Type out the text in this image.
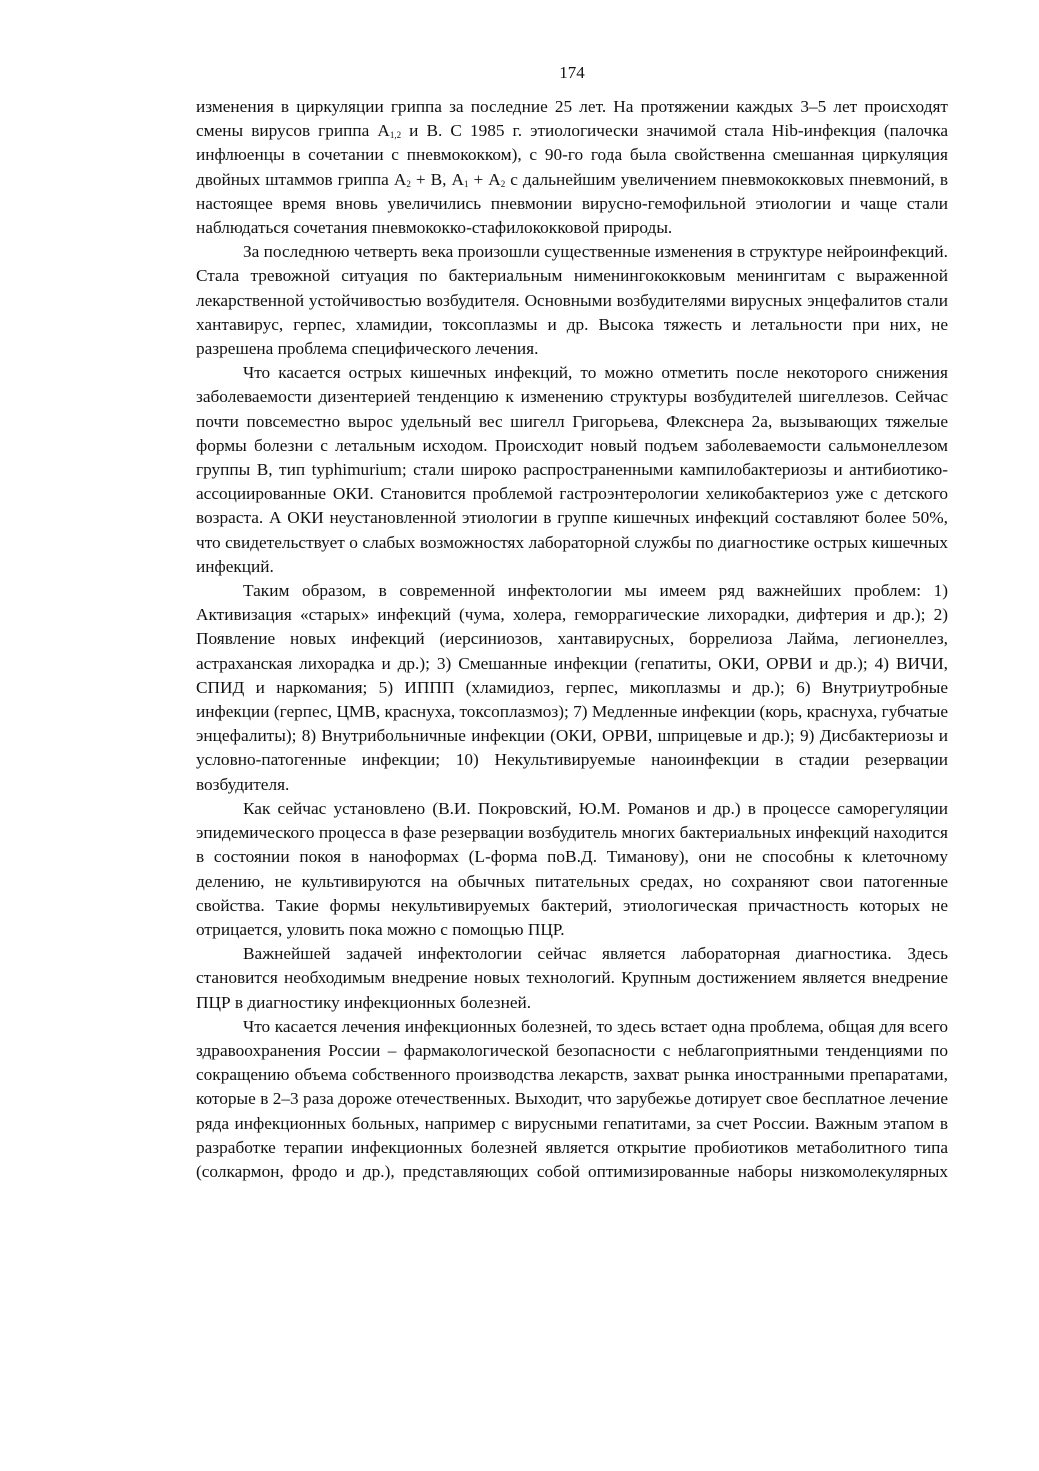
174

изменения в циркуляции гриппа за последние 25 лет. На протяжении каждых 3–5 лет происходят смены вирусов гриппа $А_{1,2}$ и В. С 1985 г. этиологически значимой стала Hib-инфекция (палочка инфлюенцы в сочетании с пневмококком), с 90-го года была свойственна смешанная циркуляция двойных штаммов гриппа $А_2 + В$, $А_1 + А_2$ с дальнейшим увеличением пневмококковых пневмоний, в настоящее время вновь увеличились пневмонии вирусно-гемофильной этиологии и чаще стали наблюдаться сочетания пневмококко-стафилококковой природы.

За последнюю четверть века произошли существенные изменения в структуре нейроинфекций. Стала тревожной ситуация по бактериальным нименингококковым менингитам с выраженной лекарственной устойчивостью возбудителя. Основными возбудителями вирусных энцефалитов стали хантавирус, герпес, хламидии, токсоплазмы и др. Высока тяжесть и летальности при них, не разрешена проблема специфического лечения.

Что касается острых кишечных инфекций, то можно отметить после некоторого снижения заболеваемости дизентерией тенденцию к изменению структуры возбудителей шигеллезов. Сейчас почти повсеместно вырос удельный вес шигелл Григорьева, Флекснера 2а, вызывающих тяжелые формы болезни с летальным исходом. Происходит новый подъем заболеваемости сальмонеллезом группы В, тип typhimurium; стали широко распространенными кампилобактериозы и антибиотико-ассоциированные ОКИ. Становится проблемой гастроэнтерологии хеликобактериоз уже с детского возраста. А ОКИ неустановленной этиологии в группе кишечных инфекций составляют более 50%, что свидетельствует о слабых возможностях лабораторной службы по диагностике острых кишечных инфекций.

Таким образом, в современной инфектологии мы имеем ряд важнейших проблем: 1) Активизация «старых» инфекций (чума, холера, геморрагические лихорадки, дифтерия и др.); 2) Появление новых инфекций (иерсиниозов, хантавирусных, боррелиоза Лайма, легионеллез, астраханская лихорадка и др.); 3) Смешанные инфекции (гепатиты, ОКИ, ОРВИ и др.); 4) ВИЧИ, СПИД и наркомания; 5) ИППП (хламидиоз, герпес, микоплазмы и др.); 6) Внутриутробные инфекции (герпес, ЦМВ, краснуха, токсоплазмоз); 7) Медленные инфекции (корь, краснуха, губчатые энцефалиты); 8) Внутрибольничные инфекции (ОКИ, ОРВИ, шприцевые и др.); 9) Дисбактериозы и условно-патогенные инфекции; 10) Некультивируемые наноинфекции в стадии резервации возбудителя.

Как сейчас установлено (В.И. Покровский, Ю.М. Романов и др.) в процессе саморегуляции эпидемического процесса в фазе резервации возбудитель многих бактериальных инфекций находится в состоянии покоя в наноформах (L-форма поВ.Д. Тиманову), они не способны к клеточному делению, не культивируются на обычных питательных средах, но сохраняют свои патогенные свойства. Такие формы некультивируемых бактерий, этиологическая причастность которых не отрицается, уловить пока можно с помощью ПЦР.

Важнейшей задачей инфектологии сейчас является лабораторная диагностика. Здесь становится необходимым внедрение новых технологий. Крупным достижением является внедрение ПЦР в диагностику инфекционных болезней.

Что касается лечения инфекционных болезней, то здесь встает одна проблема, общая для всего здравоохранения России – фармакологической безопасности с неблагоприятными тенденциями по сокращению объема собственного производства лекарств, захват рынка иностранными препаратами, которые в 2–3 раза дороже отечественных. Выходит, что зарубежье дотирует свое бесплатное лечение ряда инфекционных больных, например с вирусными гепатитами, за счет России. Важным этапом в разработке терапии инфекционных болезней является открытие пробиотиков метаболитного типа (солкармон, фродо и др.), представляющих собой оптимизированные наборы низкомолекулярных
